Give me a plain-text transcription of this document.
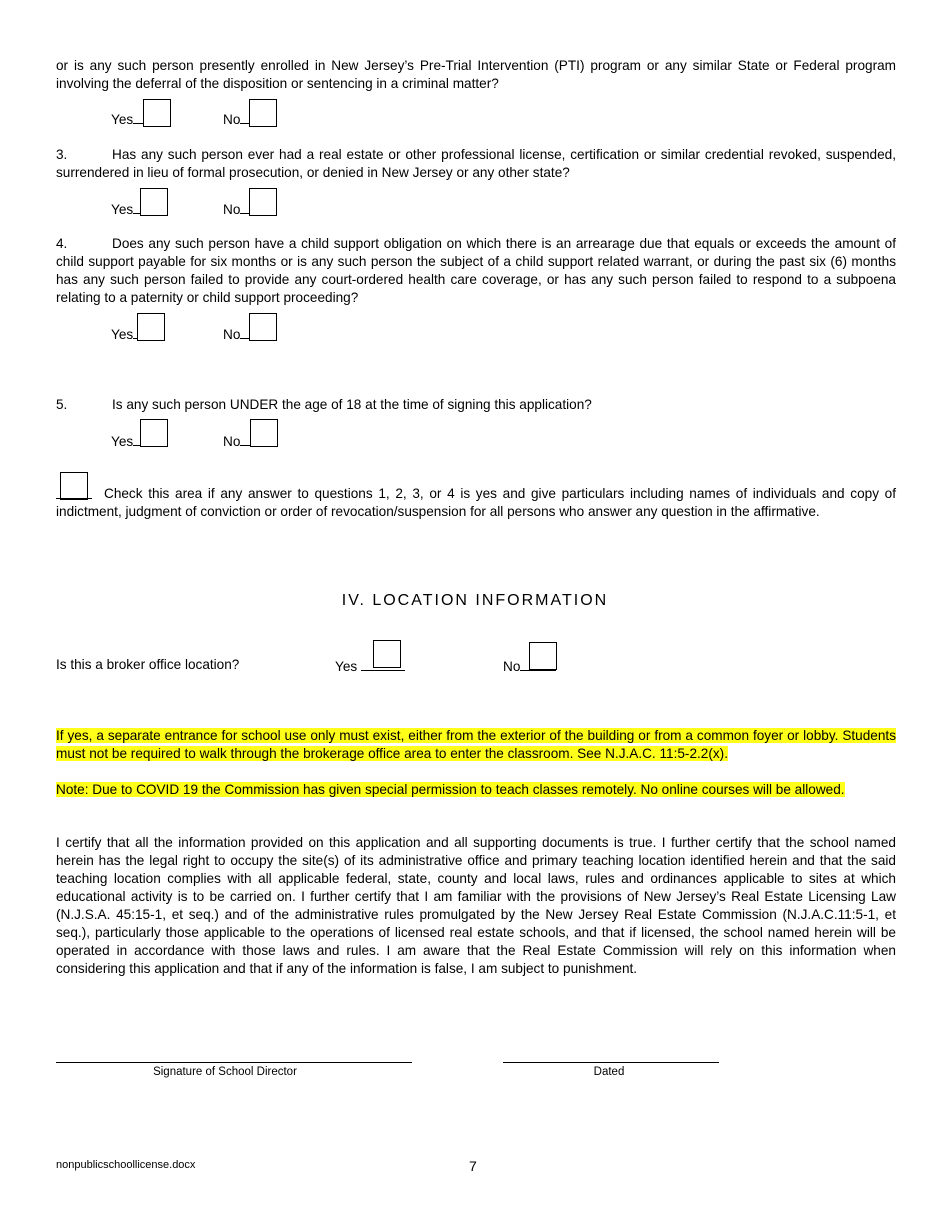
or is any such person presently enrolled in New Jersey’s Pre-Trial Intervention (PTI) program or any similar State or Federal program involving the deferral of the disposition or sentencing in a criminal matter?

Yes	No

3.	Has any such person ever had a real estate or other professional license, certification or similar credential revoked, suspended, surrendered in lieu of formal prosecution, or denied in New Jersey or any other state?

Yes	No

4.	Does any such person have a child support obligation on which there is an arrearage due that equals or exceeds the amount of child support payable for six months or is any such person the subject of a child support related warrant, or during the past six (6) months has any such person failed to provide any court-ordered health care coverage, or has any such person failed to respond to a subpoena relating to a paternity or child support proceeding?

Yes	No

5.	Is any such person UNDER the age of 18 at the time of signing this application?

Yes	No

Check this area if any answer to questions 1, 2, 3, or 4 is yes and give particulars including names of individuals and copy of indictment, judgment of conviction or order of revocation/suspension for all persons who answer any question in the affirmative.

IV. LOCATION INFORMATION
Is this a broker office location?	Yes	No

If yes, a separate entrance for school use only must exist, either from the exterior of the building or from a common foyer or lobby. Students must not be required to walk through the brokerage office area to enter the classroom. See N.J.A.C. 11:5-2.2(x).

Note: Due to COVID 19 the Commission has given special permission to teach classes remotely. No online courses will be allowed.

I certify that all the information provided on this application and all supporting documents is true. I further certify that the school named herein has the legal right to occupy the site(s) of its administrative office and primary teaching location identified herein and that the said teaching location complies with all applicable federal, state, county and local laws, rules and ordinances applicable to sites at which educational activity is to be carried on. I further certify that I am familiar with the provisions of New Jersey’s Real Estate Licensing Law (N.J.S.A. 45:15-1, et seq.) and of the administrative rules promulgated by the New Jersey Real Estate Commission (N.J.A.C.11:5-1, et seq.), particularly those applicable to the operations of licensed real estate schools, and that if licensed, the school named herein will be operated in accordance with those laws and rules. I am aware that the Real Estate Commission will rely on this information when considering this application and that if any of the information is false, I am subject to punishment.

Signature of School Director	Dated
nonpublicschoollicense.docx	7
